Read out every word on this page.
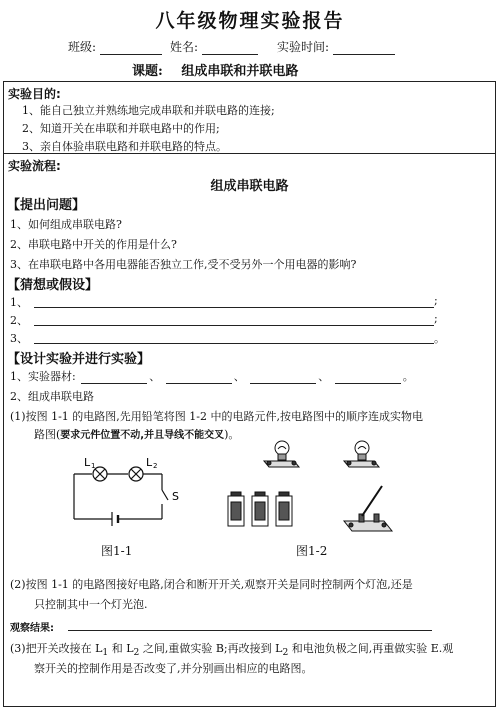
八年级物理实验报告
班级:	姓名:	实验时间:
课题: 组成串联和并联电路
实验目的:
1、能自己独立并熟练地完成串联和并联电路的连接;
2、知道开关在串联和并联电路中的作用;
3、亲自体验串联电路和并联电路的特点。
实验流程:
组成串联电路
【提出问题】
1、如何组成串联电路?
2、串联电路中开关的作用是什么?
3、在串联电路中各用电器能否独立工作,受不受另外一个用电器的影响?
【猜想或假设】
1、	;
2、	;
3、	。
【设计实验并进行实验】
1、实验器材:	、	、	、	。
2、组成串联电路
(1)按图 1-1 的电路图,先用铅笔将图 1-2 中的电路元件,按电路图中的顺序连成实物电
路图(要求元件位置不动,并且导线不能交叉)。
L 1	L 2
S
图1-1	图1-2
(2)按图 1-1 的电路图接好电路,闭合和断开开关,观察开关是同时控制两个灯泡,还是
只控制其中一个灯光泡.
观察结果:
(3)把开关改接在 $L_1$ 和 $L_2$ 之间,重做实验 B;再改接到 $L_2$ 和电池负极之间,再重做实验 E.观
察开关的控制作用是否改变了,并分别画出相应的电路图。
